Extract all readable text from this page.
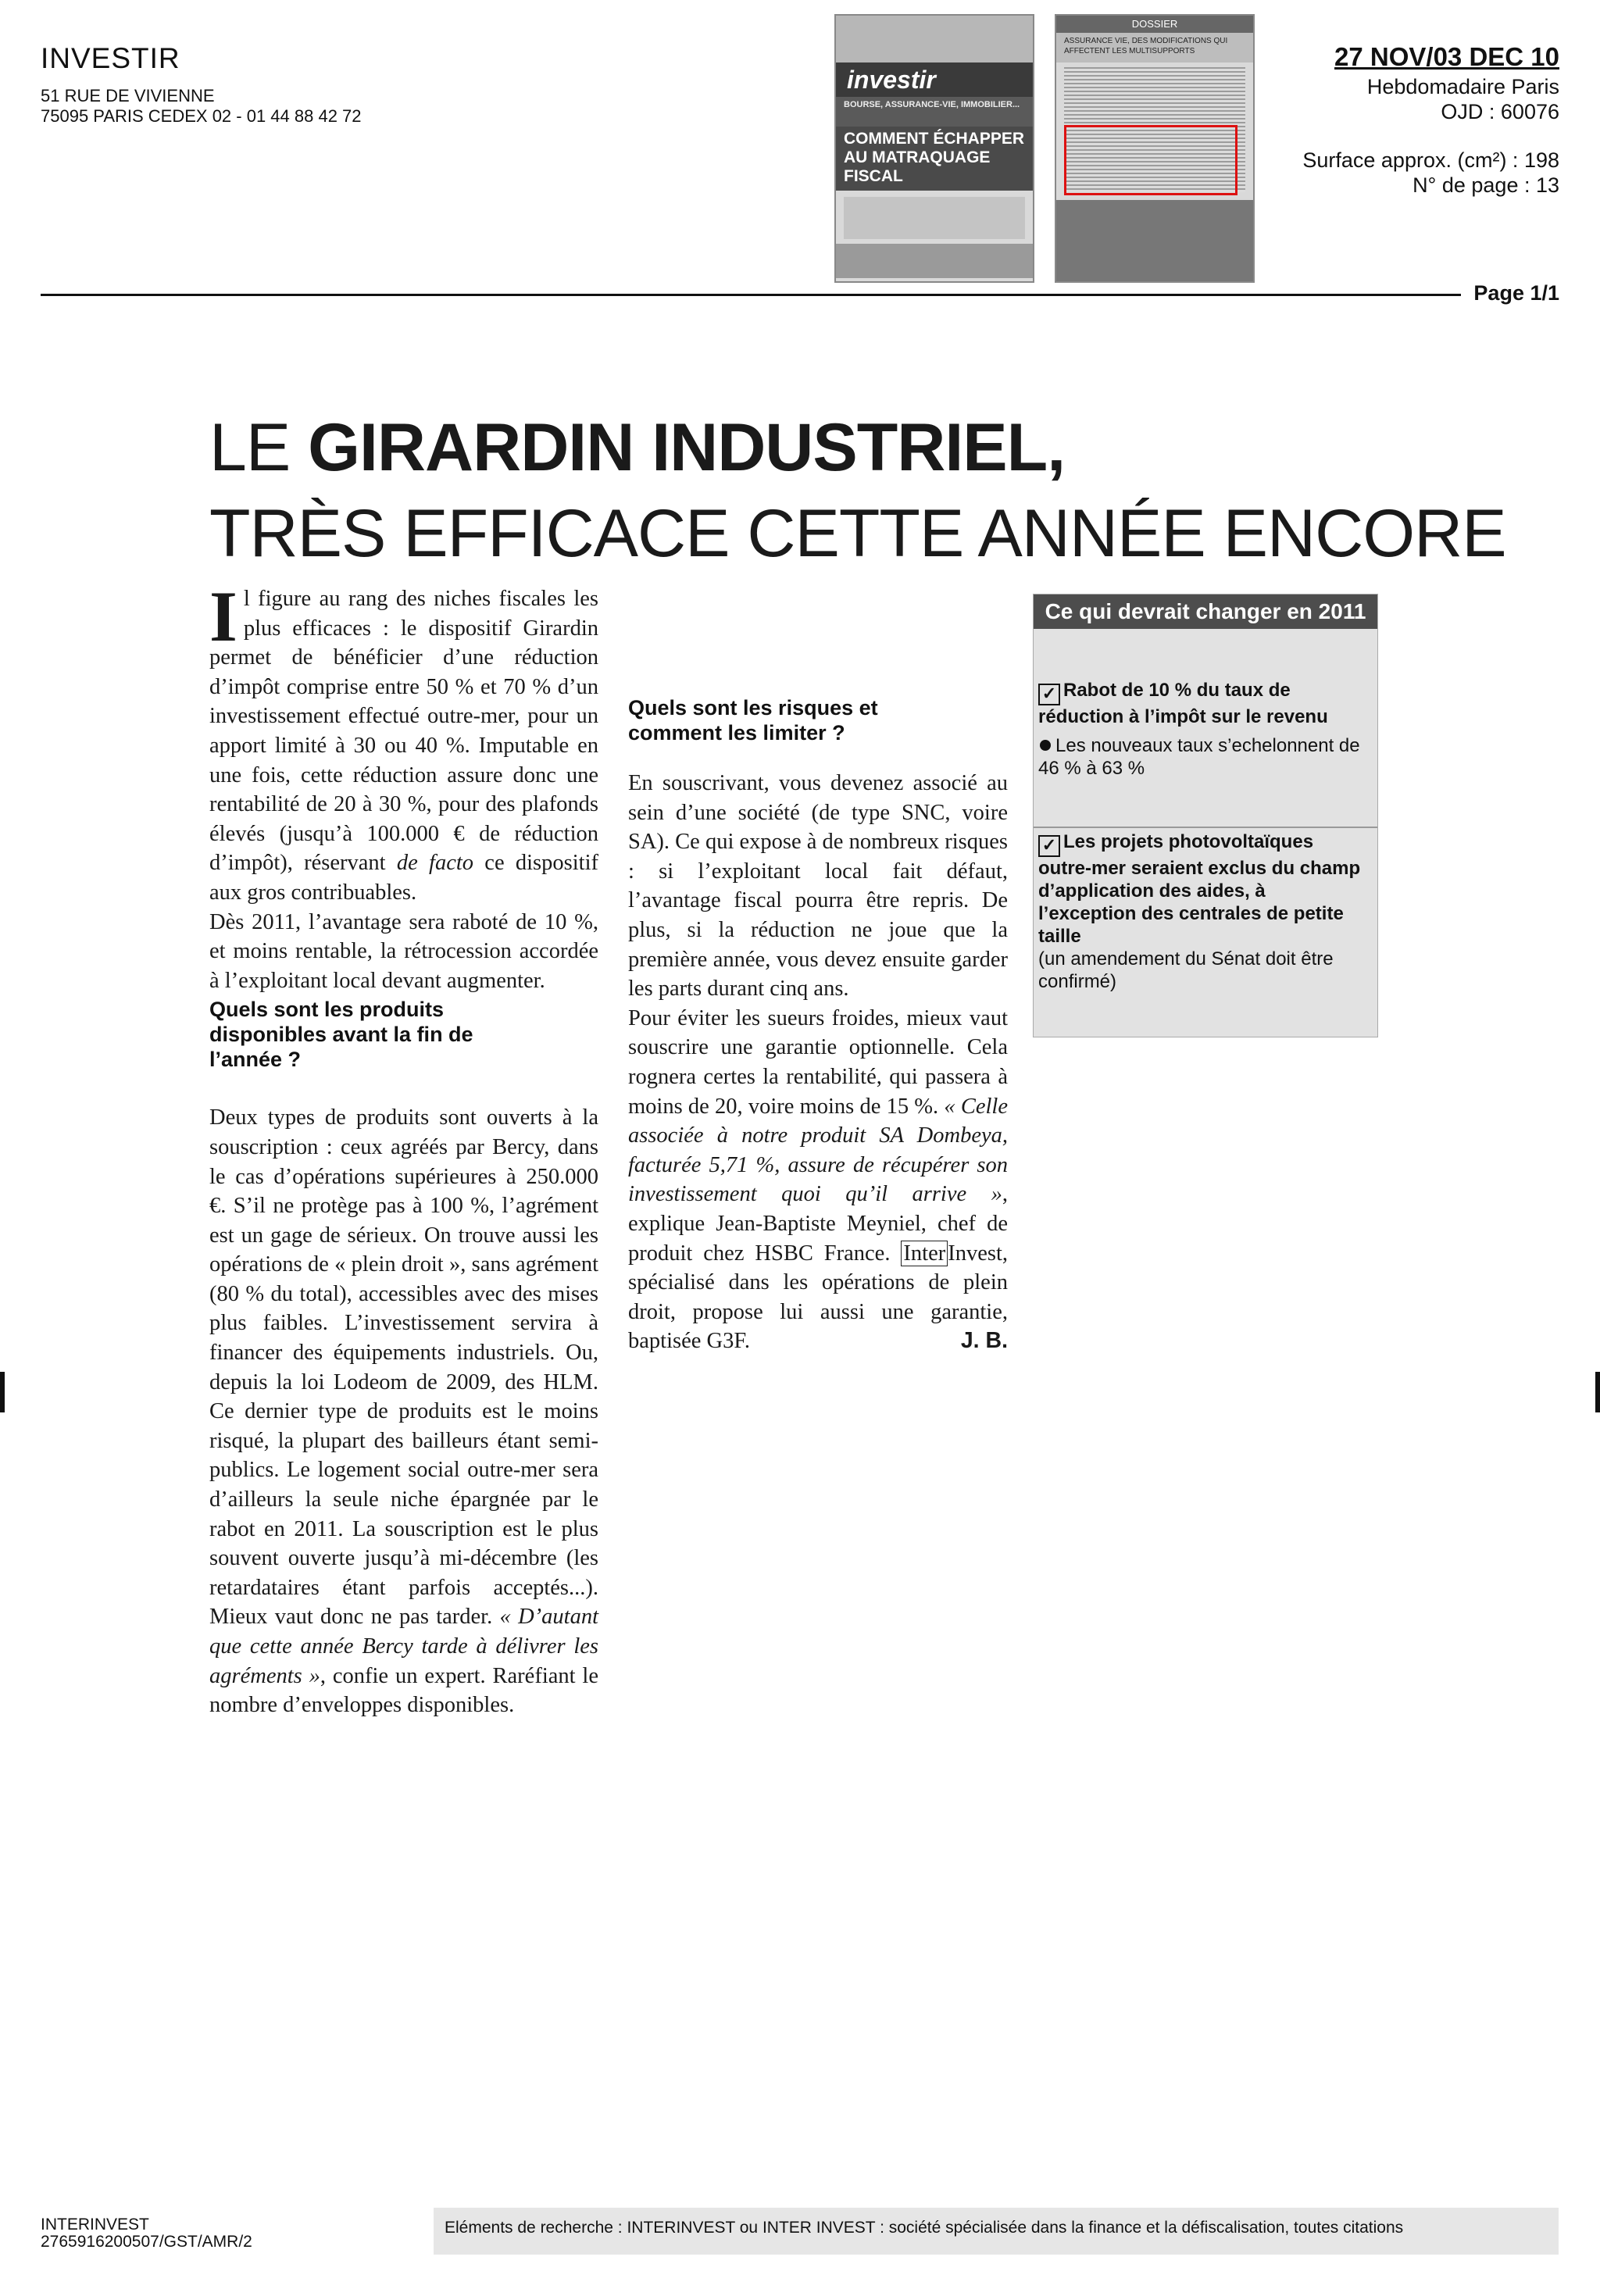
INVESTIR
51 RUE DE VIVIENNE
75095 PARIS CEDEX 02 - 01 44 88 42 72
investir
BOURSE, ASSURANCE-VIE, IMMOBILIER...
COMMENT ÉCHAPPER AU MATRAQUAGE FISCAL
DOSSIER
ASSURANCE VIE, DES MODIFICATIONS QUI AFFECTENT LES MULTISUPPORTS	27 NOV/03 DEC 10
Hebdomadaire Paris
OJD : 60076
Surface approx. (cm²) : 198
N° de page : 13
Page 1/1
LE GIRARDIN INDUSTRIEL,
TRÈS EFFICACE CETTE ANNÉE ENCORE

Il figure au rang des niches fiscales les plus efficaces : le dispositif Girardin permet de bénéficier d’une réduction d’impôt comprise entre 50 % et 70 % d’un investissement effectué outre-mer, pour un apport limité à 30 ou 40 %. Imputable en une fois, cette réduction assure donc une rentabilité de 20 à 30 %, pour des plafonds élevés (jusqu’à 100.000 € de réduction d’impôt), réservant de facto ce dispositif aux gros contribuables.

Dès 2011, l’avantage sera raboté de 10 %, et moins rentable, la rétrocession accordée à l’exploitant local devant augmenter.

Quels sont les produits disponibles avant la fin de l’année ?

Deux types de produits sont ouverts à la souscription : ceux agréés par Bercy, dans le cas d’opérations supérieures à 250.000 €. S’il ne protège pas à 100 %, l’agrément est un gage de sérieux. On trouve aussi les opérations de « plein droit », sans agrément (80 % du total), accessibles avec des mises plus faibles. L’investissement servira à financer des équipements industriels. Ou, depuis la loi Lodeom de 2009, des HLM. Ce dernier type de produits est le moins risqué, la plupart des bailleurs étant semi-publics. Le logement social outre-mer sera d’ailleurs la seule niche épargnée par le rabot en 2011. La souscription est le plus souvent ouverte jusqu’à mi-décembre (les retardataires étant parfois acceptés...). Mieux vaut donc ne pas tarder. « D’autant que cette année Bercy tarde à délivrer les agréments », confie un expert. Raréfiant le nombre d’enveloppes disponibles.

Quels sont les risques et comment les limiter ?

En souscrivant, vous devenez associé au sein d’une société (de type SNC, voire SA). Ce qui expose à de nombreux risques : si l’exploitant local fait défaut, l’avantage fiscal pourra être repris. De plus, si la réduction ne joue que la première année, vous devez ensuite garder les parts durant cinq ans.

Pour éviter les sueurs froides, mieux vaut souscrire une garantie optionnelle. Cela rognera certes la rentabilité, qui passera à moins de 20, voire moins de 15 %. « Celle associée à notre produit SA Dombeya, facturée 5,71 %, assure de récupérer son investissement quoi qu’il arrive », explique Jean-Baptiste Meyniel, chef de produit chez HSBC France. Inter Invest, spécialisé dans les opérations de plein droit, propose lui aussi une garantie, baptisée G3F.	J. B.

Ce qui devrait changer en 2011
✓ Rabot de 10 % du taux de réduction à l’impôt sur le revenu
Les nouveaux taux s’echelonnent de 46 % à 63 %
✓ Les projets photovoltaïques outre-mer seraient exclus du champ d’application des aides, à l’exception des centrales de petite taille
(un amendement du Sénat doit être confirmé)
INTERINVEST
2765916200507/GST/AMR/2
Eléments de recherche : INTERINVEST ou INTER INVEST : société spécialisée dans la finance et la défiscalisation, toutes citations
